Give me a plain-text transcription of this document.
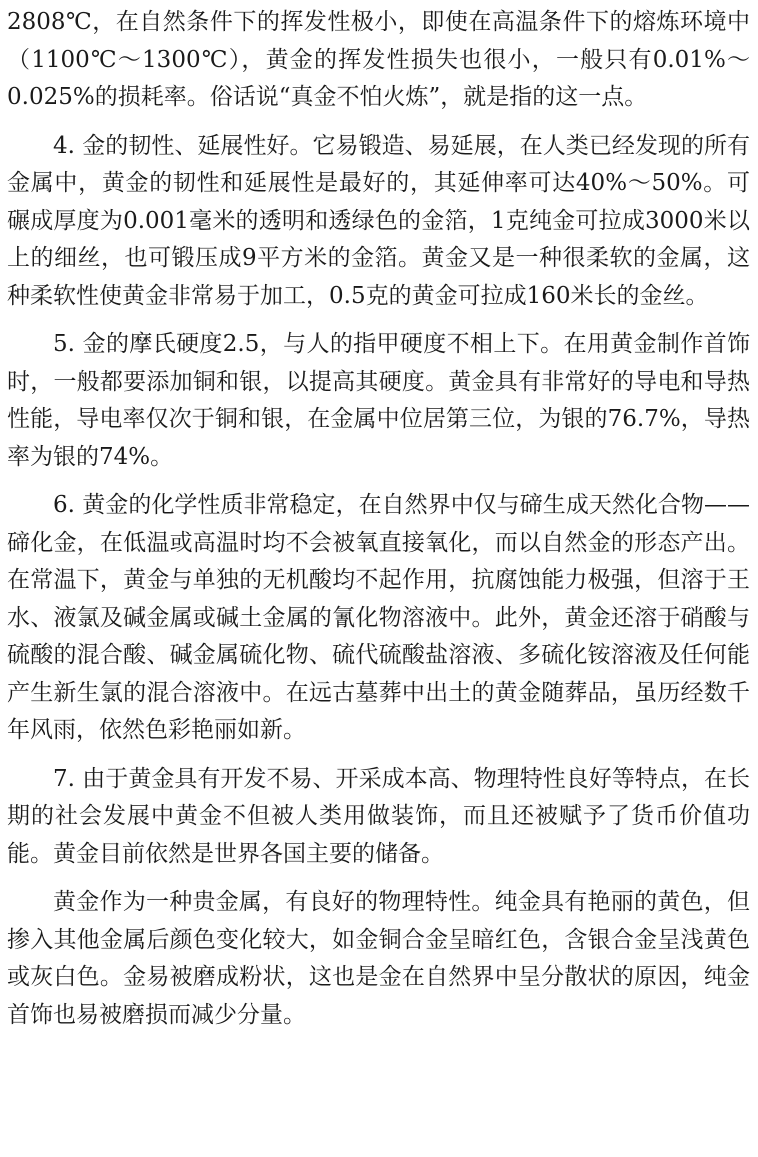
2808℃，在自然条件下的挥发性极小，即使在高温条件下的熔炼环境中（1100℃～1300℃），黄金的挥发性损失也很小，一般只有0.01%～0.025%的损耗率。俗话说“真金不怕火炼”，就是指的这一点。

4. 金的韧性、延展性好。它易锻造、易延展，在人类已经发现的所有金属中，黄金的韧性和延展性是最好的，其延伸率可达40%～50%。可碾成厚度为0.001毫米的透明和透绿色的金箔，1克纯金可拉成3000米以上的细丝，也可锻压成9平方米的金箔。黄金又是一种很柔软的金属，这种柔软性使黄金非常易于加工，0.5克的黄金可拉成160米长的金丝。

5. 金的摩氏硬度2.5，与人的指甲硬度不相上下。在用黄金制作首饰时，一般都要添加铜和银，以提高其硬度。黄金具有非常好的导电和导热性能，导电率仅次于铜和银，在金属中位居第三位，为银的76.7%，导热率为银的74%。

6. 黄金的化学性质非常稳定，在自然界中仅与碲生成天然化合物——碲化金，在低温或高温时均不会被氧直接氧化，而以自然金的形态产出。在常温下，黄金与单独的无机酸均不起作用，抗腐蚀能力极强，但溶于王水、液氯及碱金属或碱土金属的氰化物溶液中。此外，黄金还溶于硝酸与硫酸的混合酸、碱金属硫化物、硫代硫酸盐溶液、多硫化铵溶液及任何能产生新生氯的混合溶液中。在远古墓葬中出土的黄金随葬品，虽历经数千年风雨，依然色彩艳丽如新。

7. 由于黄金具有开发不易、开采成本高、物理特性良好等特点，在长期的社会发展中黄金不但被人类用做装饰，而且还被赋予了货币价值功能。黄金目前依然是世界各国主要的储备。

黄金作为一种贵金属，有良好的物理特性。纯金具有艳丽的黄色，但掺入其他金属后颜色变化较大，如金铜合金呈暗红色，含银合金呈浅黄色或灰白色。金易被磨成粉状，这也是金在自然界中呈分散状的原因，纯金首饰也易被磨损而减少分量。
